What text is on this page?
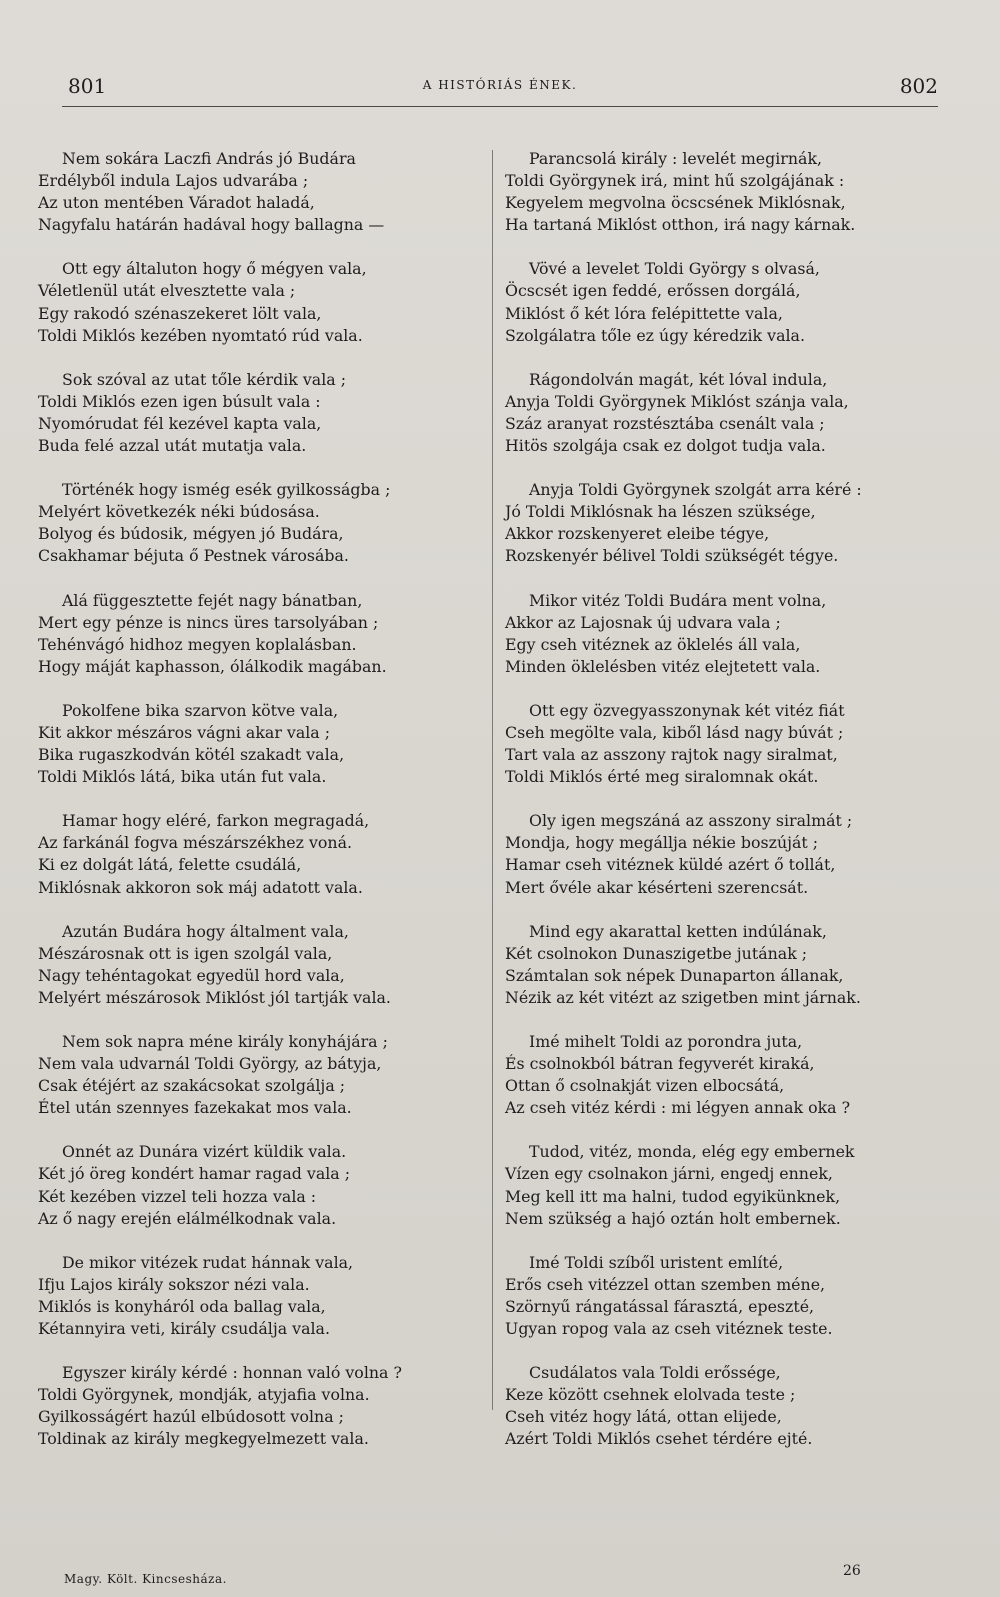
801	A HISTÓRIÁS ÉNEK.	802
Nem sokára Laczfi András jó Budára
Erdélyből indula Lajos udvarába ;
Az uton mentében Váradot haladá,
Nagyfalu határán hadával hogy ballagna —
Ott egy általuton hogy ő mégyen vala,
Véletlenül utát elvesztette vala ;
Egy rakodó szénaszekeret lölt vala,
Toldi Miklós kezében nyomtató rúd vala.
Sok szóval az utat tőle kérdik vala ;
Toldi Miklós ezen igen búsult vala :
Nyomórudat fél kezével kapta vala,
Buda felé azzal utát mutatja vala.
Történék hogy ismég esék gyilkosságba ;
Melyért következék néki búdosása.
Bolyog és búdosik, mégyen jó Budára,
Csakhamar béjuta ő Pestnek városába.
Alá függesztette fejét nagy bánatban,
Mert egy pénze is nincs üres tarsolyában ;
Tehénvágó hidhoz megyen koplalásban.
Hogy máját kaphasson, ólálkodik magában.
Pokolfene bika szarvon kötve vala,
Kit akkor mészáros vágni akar vala ;
Bika rugaszkodván kötél szakadt vala,
Toldi Miklós látá, bika után fut vala.
Hamar hogy eléré, farkon megragadá,
Az farkánál fogva mészárszékhez voná.
Ki ez dolgát látá, felette csudálá,
Miklósnak akkoron sok máj adatott vala.
Azután Budára hogy általment vala,
Mészárosnak ott is igen szolgál vala,
Nagy tehéntagokat egyedül hord vala,
Melyért mészárosok Miklóst jól tartják vala.
Nem sok napra méne király konyhájára ;
Nem vala udvarnál Toldi György, az bátyja,
Csak étéjért az szakácsokat szolgálja ;
Étel után szennyes fazekakat mos vala.
Onnét az Dunára vizért küldik vala.
Két jó öreg kondért hamar ragad vala ;
Két kezében vizzel teli hozza vala :
Az ő nagy erején elálmélkodnak vala.
De mikor vitézek rudat hánnak vala,
Ifju Lajos király sokszor nézi vala.
Miklós is konyháról oda ballag vala,
Kétannyira veti, király csudálja vala.
Egyszer király kérdé : honnan való volna ?
Toldi Györgynek, mondják, atyjafia volna.
Gyilkosságért hazúl elbúdosott volna ;
Toldinak az király megkegyelmezett vala.
Parancsolá király : levelét megirnák,
Toldi Györgynek irá, mint hű szolgájának :
Kegyelem megvolna öcscsének Miklósnak,
Ha tartaná Miklóst otthon, irá nagy kárnak.
Vövé a levelet Toldi György s olvasá,
Öcscsét igen feddé, erőssen dorgálá,
Miklóst ő két lóra felépittette vala,
Szolgálatra tőle ez úgy kéredzik vala.
Rágondolván magát, két lóval indula,
Anyja Toldi Györgynek Miklóst szánja vala,
Száz aranyat rozstésztába csenált vala ;
Hitös szolgája csak ez dolgot tudja vala.
Anyja Toldi Györgynek szolgát arra kéré :
Jó Toldi Miklósnak ha lészen szüksége,
Akkor rozskenyeret eleibe tégye,
Rozskenyér bélivel Toldi szükségét tégye.
Mikor vitéz Toldi Budára ment volna,
Akkor az Lajosnak új udvara vala ;
Egy cseh vitéznek az öklelés áll vala,
Minden öklelésben vitéz elejtetett vala.
Ott egy özvegyasszonynak két vitéz fiát
Cseh megölte vala, kiből lásd nagy búvát ;
Tart vala az asszony rajtok nagy siralmat,
Toldi Miklós érté meg siralomnak okát.
Oly igen megszáná az asszony siralmát ;
Mondja, hogy megállja nékie boszúját ;
Hamar cseh vitéznek küldé azért ő tollát,
Mert ővéle akar késérteni szerencsát.
Mind egy akarattal ketten indúlának,
Két csolnokon Dunaszigetbe jutának ;
Számtalan sok népek Dunaparton állanak,
Nézik az két vitézt az szigetben mint járnak.
Imé mihelt Toldi az porondra juta,
És csolnokból bátran fegyverét kiraká,
Ottan ő csolnakját vizen elbocsátá,
Az cseh vitéz kérdi : mi légyen annak oka ?
Tudod, vitéz, monda, elég egy embernek
Vízen egy csolnakon járni, engedj ennek,
Meg kell itt ma halni, tudod egyikünknek,
Nem szükség a hajó oztán holt embernek.
Imé Toldi szíből uristent említé,
Erős cseh vitézzel ottan szemben méne,
Szörnyű rángatással fárasztá, epeszté,
Ugyan ropog vala az cseh vitéznek teste.
Csudálatos vala Toldi erőssége,
Keze között csehnek elolvada teste ;
Cseh vitéz hogy látá, ottan elijede,
Azért Toldi Miklós csehet térdére ejté.
Magy. Költ. Kincsesháza.	26
